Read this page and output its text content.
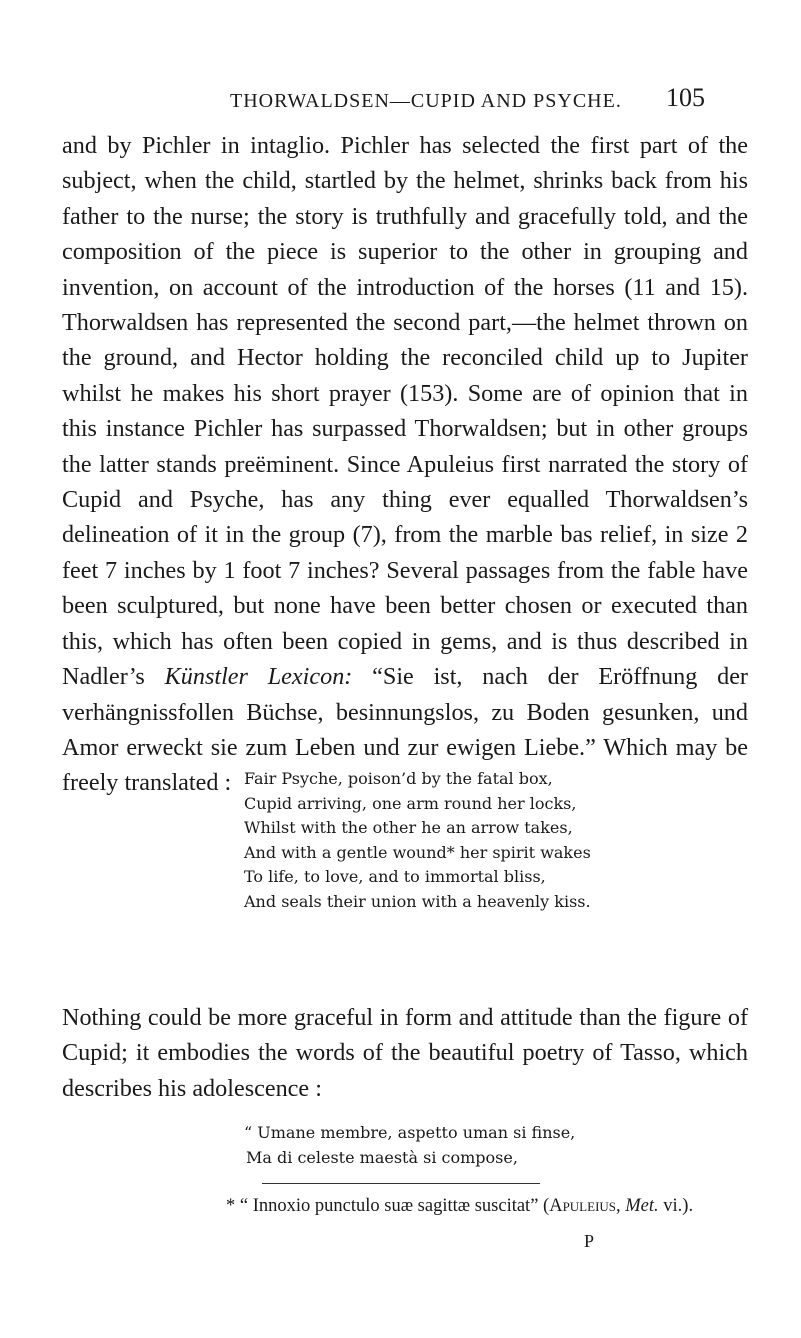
THORWALDSEN—CUPID AND PSYCHE. 105

and by Pichler in intaglio. Pichler has selected the first part of the subject, when the child, startled by the helmet, shrinks back from his father to the nurse; the story is truthfully and gracefully told, and the composition of the piece is superior to the other in grouping and invention, on account of the introduction of the horses (11 and 15). Thorwaldsen has represented the second part,—the helmet thrown on the ground, and Hector holding the reconciled child up to Jupiter whilst he makes his short prayer (153). Some are of opinion that in this instance Pichler has surpassed Thorwaldsen; but in other groups the latter stands preëminent. Since Apuleius first narrated the story of Cupid and Psyche, has any thing ever equalled Thorwaldsen’s delineation of it in the group (7), from the marble bas relief, in size 2 feet 7 inches by 1 foot 7 inches? Several passages from the fable have been sculptured, but none have been better chosen or executed than this, which has often been copied in gems, and is thus described in Nadler’s Künstler Lexicon: “Sie ist, nach der Eröffnung der verhängnissfollen Büchse, besinnungslos, zu Boden gesunken, und Amor erweckt sie zum Leben und zur ewigen Liebe.” Which may be freely translated : Fair Psyche, poison’d by the fatal box,
Cupid arriving, one arm round her locks,
Whilst with the other he an arrow takes,
And with a gentle wound* her spirit wakes
To life, to love, and to immortal bliss,
And seals their union with a heavenly kiss.

Nothing could be more graceful in form and attitude than the figure of Cupid; it embodies the words of the beautiful poetry of Tasso, which describes his adolescence :

“ Umane membre, aspetto uman si finse,
Ma di celeste maestà si compose,
* “ Innoxio punctulo suæ sagittæ suscitat” (Apuleius, Met. vi.).
P
